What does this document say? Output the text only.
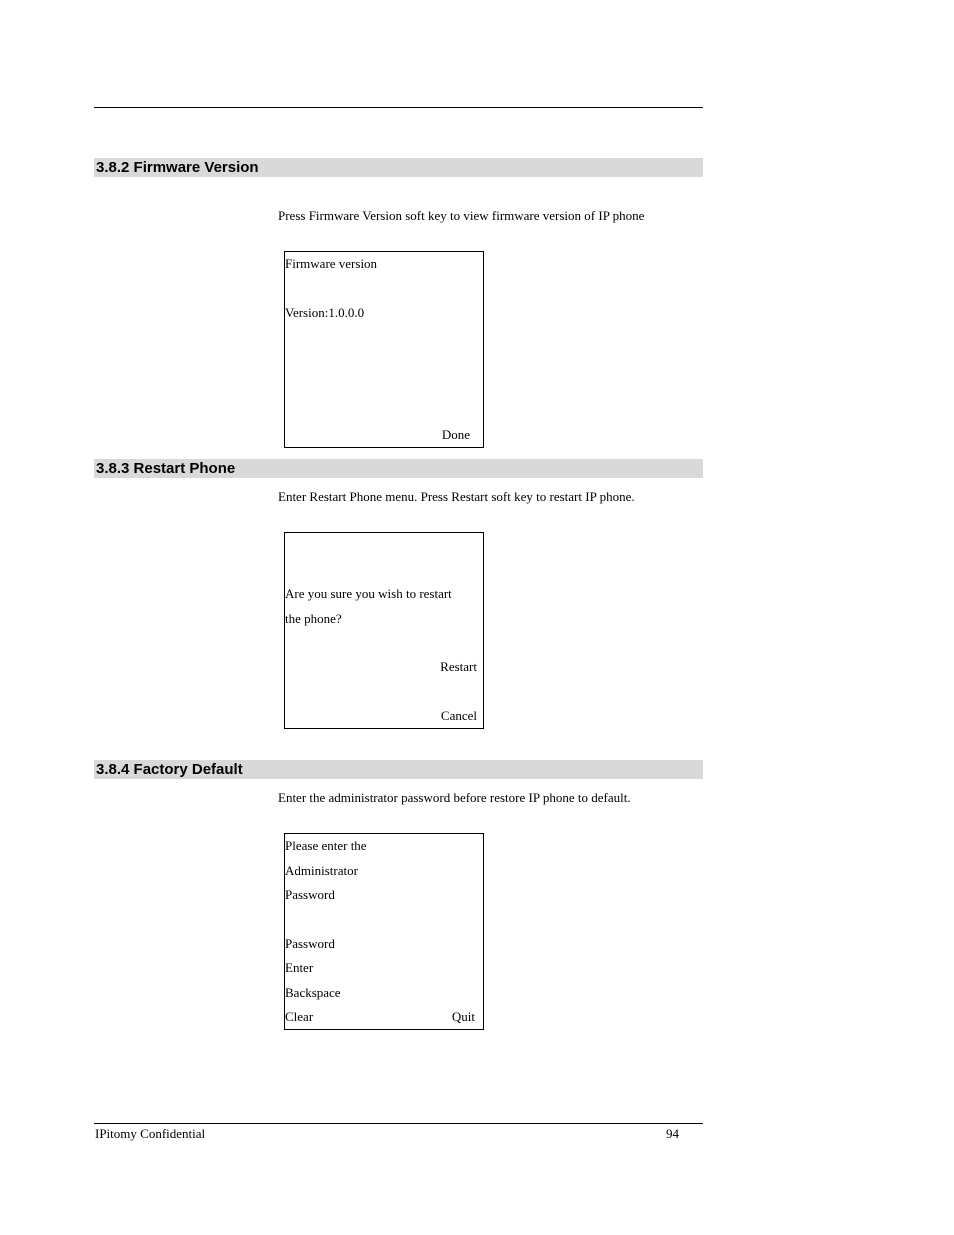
3.8.2 Firmware Version
Press Firmware Version soft key to view firmware version of IP phone
Firmware version
Version:1.0.0.0
Done
3.8.3 Restart Phone
Enter Restart Phone menu. Press Restart soft key to restart IP phone.
Are you sure you wish to restart
the phone?
Restart
Cancel
3.8.4 Factory Default
Enter the administrator password before restore IP phone to default.
Please enter the
Administrator
Password
Password
Enter
Backspace
Clear	Quit
IPitomy Confidential	94
